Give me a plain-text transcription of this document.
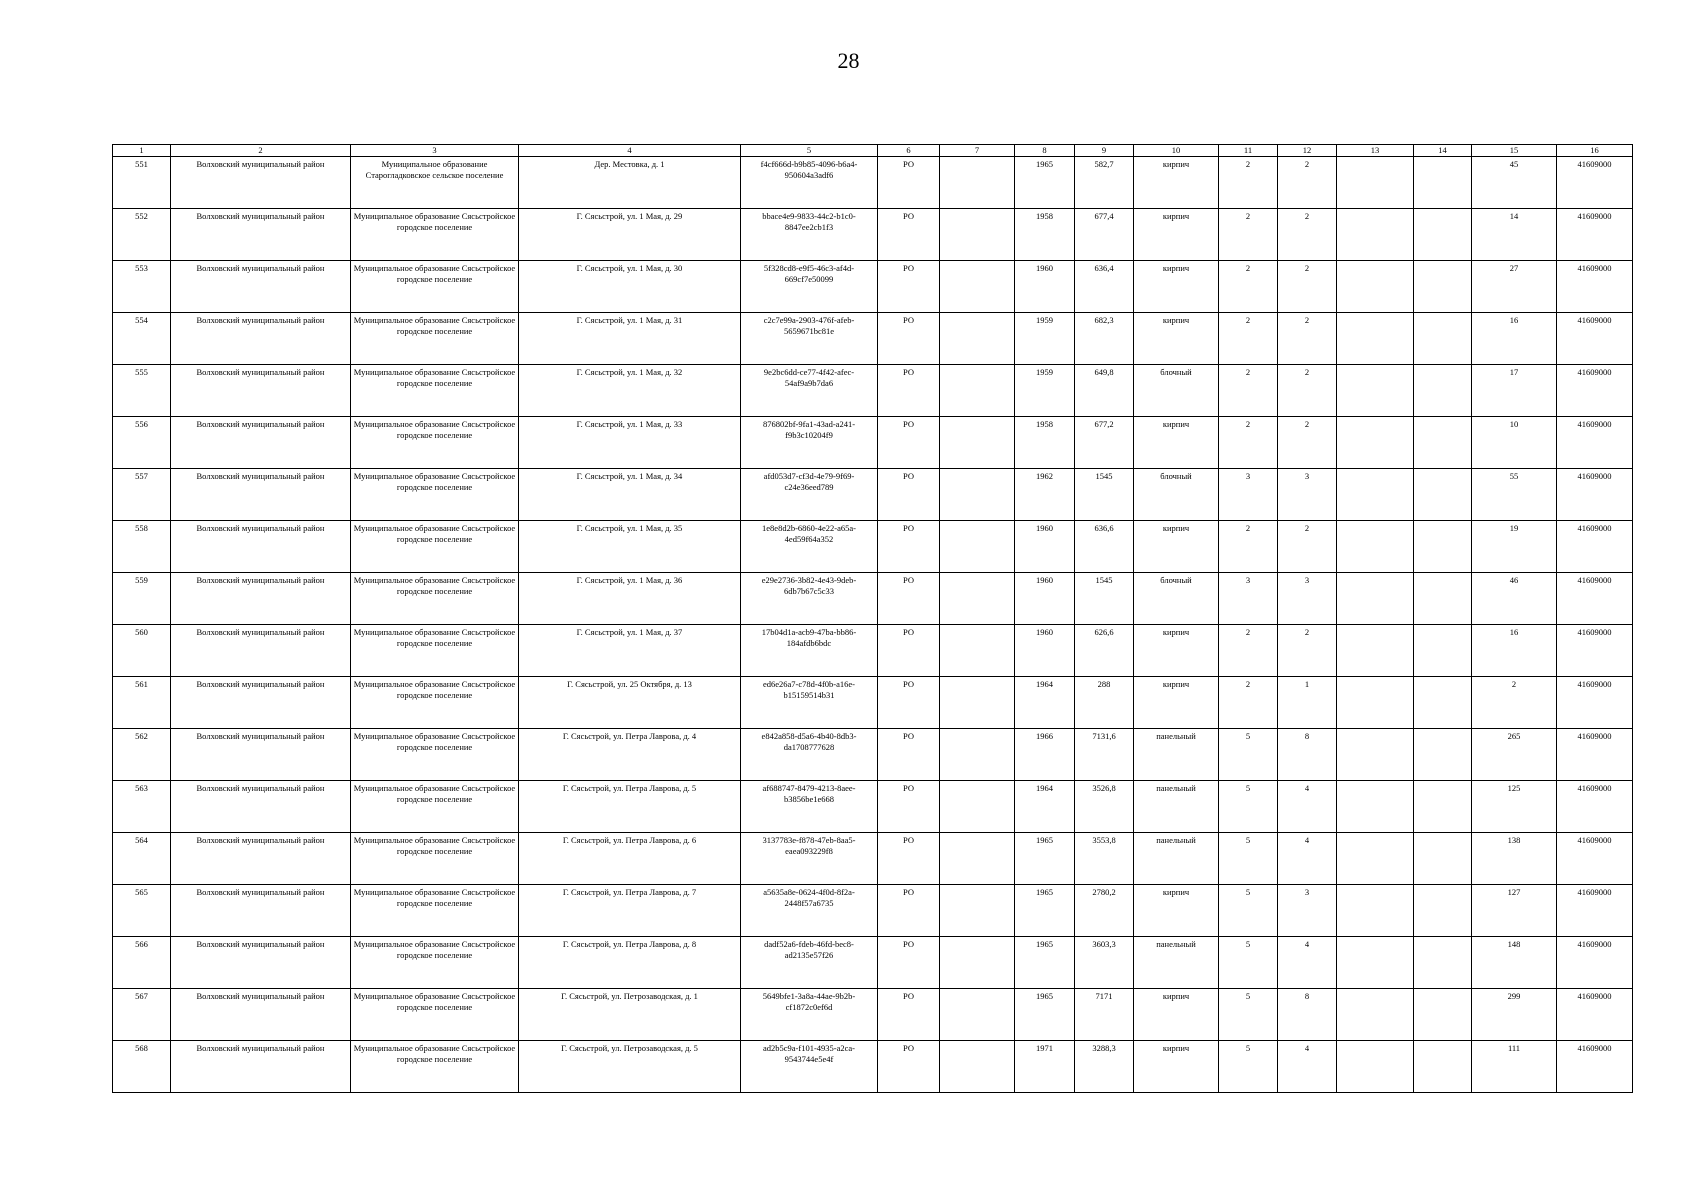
28
1	2	3	4	5	6	7	8	9	10	11	12	13	14	15	16
551	Волховский муниципальный район	Муниципальное образование Старогладковское сельское поселение	Дер. Местовка, д. 1	f4cf666d-b9b85-4096-b6a4-950604a3adf6	РО		1965	582,7	кирпич	2	2			45	41609000
552	Волховский муниципальный район	Муниципальное образование Сясьстройское городское поселение	Г. Сясьстрой, ул. 1 Мая, д. 29	bbace4e9-9833-44c2-b1c0-8847ee2cb1f3	РО		1958	677,4	кирпич	2	2			14	41609000
553	Волховский муниципальный район	Муниципальное образование Сясьстройское городское поселение	Г. Сясьстрой, ул. 1 Мая, д. 30	5f328cd8-e9f5-46c3-af4d-669cf7e50099	РО		1960	636,4	кирпич	2	2			27	41609000
554	Волховский муниципальный район	Муниципальное образование Сясьстройское городское поселение	Г. Сясьстрой, ул. 1 Мая, д. 31	c2c7e99a-2903-476f-afeb-5659671bc81e	РО		1959	682,3	кирпич	2	2			16	41609000
555	Волховский муниципальный район	Муниципальное образование Сясьстройское городское поселение	Г. Сясьстрой, ул. 1 Мая, д. 32	9e2bc6dd-ce77-4f42-afec-54af9a9b7da6	РО		1959	649,8	блочный	2	2			17	41609000
556	Волховский муниципальный район	Муниципальное образование Сясьстройское городское поселение	Г. Сясьстрой, ул. 1 Мая, д. 33	876802bf-9fa1-43ad-a241-f9b3c10204f9	РО		1958	677,2	кирпич	2	2			10	41609000
557	Волховский муниципальный район	Муниципальное образование Сясьстройское городское поселение	Г. Сясьстрой, ул. 1 Мая, д. 34	afd053d7-cf3d-4e79-9f69-c24e36eed789	РО		1962	1545	блочный	3	3			55	41609000
558	Волховский муниципальный район	Муниципальное образование Сясьстройское городское поселение	Г. Сясьстрой, ул. 1 Мая, д. 35	1e8e8d2b-6860-4e22-a65a-4ed59f64a352	РО		1960	636,6	кирпич	2	2			19	41609000
559	Волховский муниципальный район	Муниципальное образование Сясьстройское городское поселение	Г. Сясьстрой, ул. 1 Мая, д. 36	e29e2736-3b82-4e43-9deb-6db7b67c5c33	РО		1960	1545	блочный	3	3			46	41609000
560	Волховский муниципальный район	Муниципальное образование Сясьстройское городское поселение	Г. Сясьстрой, ул. 1 Мая, д. 37	17b04d1a-acb9-47ba-bb86-184afdb6bdc	РО		1960	626,6	кирпич	2	2			16	41609000
561	Волховский муниципальный район	Муниципальное образование Сясьстройское городское поселение	Г. Сясьстрой, ул. 25 Октября, д. 13	ed6e26a7-c78d-4f0b-a16e-b15159514b31	РО		1964	288	кирпич	2	1			2	41609000
562	Волховский муниципальный район	Муниципальное образование Сясьстройское городское поселение	Г. Сясьстрой, ул. Петра Лаврова, д. 4	e842a858-d5a6-4b40-8db3-da1708777628	РО		1966	7131,6	панельный	5	8			265	41609000
563	Волховский муниципальный район	Муниципальное образование Сясьстройское городское поселение	Г. Сясьстрой, ул. Петра Лаврова, д. 5	af688747-8479-4213-8aee-b3856be1e668	РО		1964	3526,8	панельный	5	4			125	41609000
564	Волховский муниципальный район	Муниципальное образование Сясьстройское городское поселение	Г. Сясьстрой, ул. Петра Лаврова, д. 6	3137783e-f878-47eb-8aa5-eaea093229f8	РО		1965	3553,8	панельный	5	4			138	41609000
565	Волховский муниципальный район	Муниципальное образование Сясьстройское городское поселение	Г. Сясьстрой, ул. Петра Лаврова, д. 7	a5635a8e-0624-4f0d-8f2a-2448f57a6735	РО		1965	2780,2	кирпич	5	3			127	41609000
566	Волховский муниципальный район	Муниципальное образование Сясьстройское городское поселение	Г. Сясьстрой, ул. Петра Лаврова, д. 8	dadf52a6-fdeb-46fd-bec8-ad2135e57f26	РО		1965	3603,3	панельный	5	4			148	41609000
567	Волховский муниципальный район	Муниципальное образование Сясьстройское городское поселение	Г. Сясьстрой, ул. Петрозаводская, д. 1	5649bfe1-3a8a-44ae-9b2b-cf1872c0ef6d	РО		1965	7171	кирпич	5	8			299	41609000
568	Волховский муниципальный район	Муниципальное образование Сясьстройское городское поселение	Г. Сясьстрой, ул. Петрозаводская, д. 5	ad2b5c9a-f101-4935-a2ca-9543744e5e4f	РО		1971	3288,3	кирпич	5	4			111	41609000
